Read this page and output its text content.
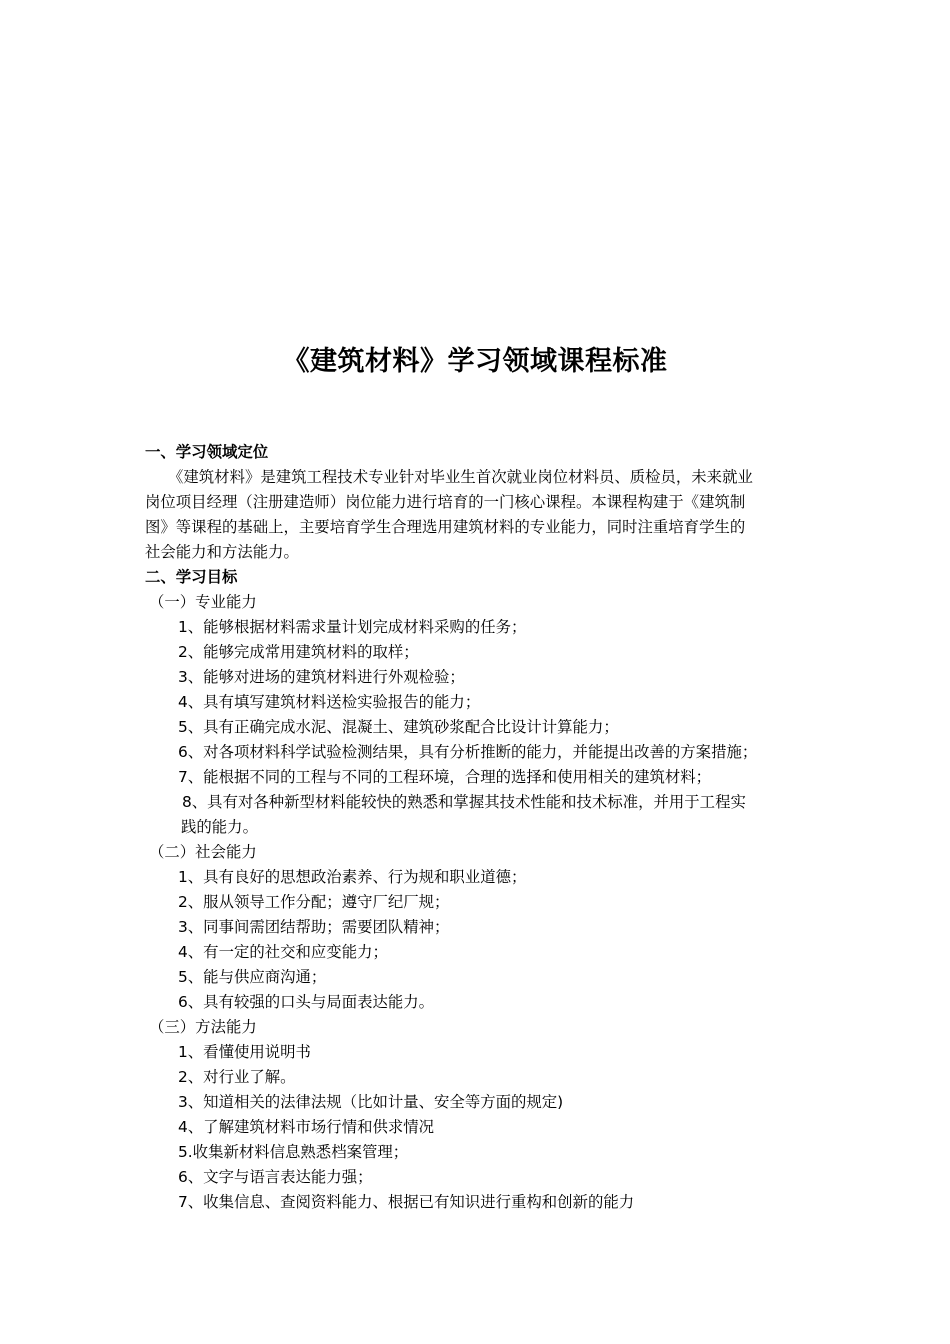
《建筑材料》学习领域课程标准

一、学习领域定位

《建筑材料》是建筑工程技术专业针对毕业生首次就业岗位材料员、质检员，未来就业

岗位项目经理（注册建造师）岗位能力进行培育的一门核心课程。本课程构建于《建筑制

图》等课程的基础上，主要培育学生合理选用建筑材料的专业能力，同时注重培育学生的

社会能力和方法能力。

二、学习目标

（一）专业能力

1、能够根据材料需求量计划完成材料采购的任务；

2、能够完成常用建筑材料的取样；

3、能够对进场的建筑材料进行外观检验；

4、具有填写建筑材料送检实验报告的能力；

5、具有正确完成水泥、混凝土、建筑砂浆配合比设计计算能力；

6、对各项材料科学试验检测结果，具有分析推断的能力，并能提出改善的方案措施；

7、能根据不同的工程与不同的工程环境，合理的选择和使用相关的建筑材料；

8、具有对各种新型材料能较快的熟悉和掌握其技术性能和技术标准，并用于工程实

践的能力。

（二）社会能力

1、具有良好的思想政治素养、行为规和职业道德；

2、服从领导工作分配；遵守厂纪厂规；

3、同事间需团结帮助；需要团队精神；

4、有一定的社交和应变能力；

5、能与供应商沟通；

6、具有较强的口头与局面表达能力。

（三）方法能力

1、看懂使用说明书

2、对行业了解。

3、知道相关的法律法规（比如计量、安全等方面的规定)

4、了解建筑材料市场行情和供求情况

5.收集新材料信息熟悉档案管理；

6、文字与语言表达能力强；

7、收集信息、查阅资料能力、根据已有知识进行重构和创新的能力
